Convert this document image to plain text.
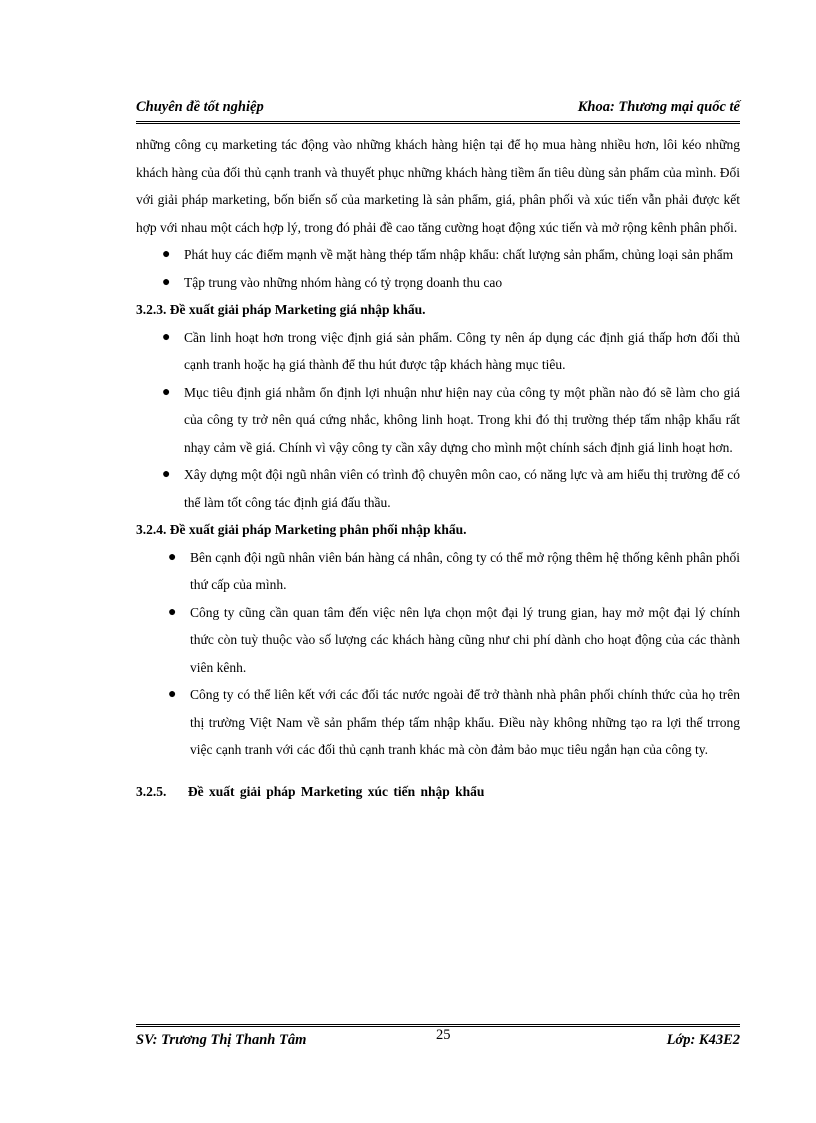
Chuyên đề tốt nghiệp	Khoa: Thương mại quốc tế

những công cụ marketing tác động vào những khách hàng hiện tại để họ mua hàng nhiều hơn, lôi kéo những khách hàng của đối thủ cạnh tranh và thuyết phục những khách hàng tiềm ẩn tiêu dùng sản phẩm của mình. Đối với giải pháp marketing, bốn biến số của marketing là sản phẩm, giá, phân phối và xúc tiến vẫn phải được kết hợp với nhau một cách hợp lý, trong đó phải đề cao tăng cường hoạt động xúc tiến và mở rộng kênh phân phối.

● Phát huy các điểm mạnh về mặt hàng thép tấm nhập khẩu: chất lượng sản phẩm, chủng loại sản phẩm
● Tập trung vào những nhóm hàng có tỷ trọng doanh thu cao

3.2.3. Đề xuất giải pháp Marketing giá nhập khẩu.

● Cần linh hoạt hơn trong việc định giá sản phẩm. Công ty nên áp dụng các định giá thấp hơn đối thủ cạnh tranh hoặc hạ giá thành để thu hút được tập khách hàng mục tiêu.
● Mục tiêu định giá nhằm ổn định lợi nhuận như hiện nay của công ty một phần nào đó sẽ làm cho giá của công ty trở nên quá cứng nhắc, không linh hoạt. Trong khi đó thị trường thép tấm nhập khẩu rất nhạy cảm về giá. Chính vì vậy công ty cần xây dựng cho mình một chính sách định giá linh hoạt hơn.
● Xây dựng một đội ngũ nhân viên có trình độ chuyên môn cao, có năng lực và am hiểu thị trường để có thể làm tốt công tác định giá đấu thầu.

3.2.4. Đề xuất giải pháp Marketing phân phối nhập khẩu.

● Bên cạnh đội ngũ nhân viên bán hàng cá nhân, công ty có thể mở rộng thêm hệ thống kênh phân phối thứ cấp của mình.
● Công ty cũng cần quan tâm đến việc nên lựa chọn một đại lý trung gian, hay mở một đại lý chính thức còn tuỳ thuộc vào số lượng các khách hàng cũng như chi phí dành cho hoạt động của các thành viên kênh.
● Công ty có thể liên kết với các đối tác nước ngoài để trở thành nhà phân phối chính thức của họ trên thị trường Việt Nam về sản phẩm thép tấm nhập khẩu. Điều này không những tạo ra lợi thế trrong việc cạnh tranh với các đối thủ cạnh tranh khác mà còn đảm bảo mục tiêu ngắn hạn của công ty.

3.2.5.    Đề xuất giải pháp Marketing xúc tiến nhập khẩu

SV: Trương Thị Thanh Tâm	25	Lớp: K43E2
